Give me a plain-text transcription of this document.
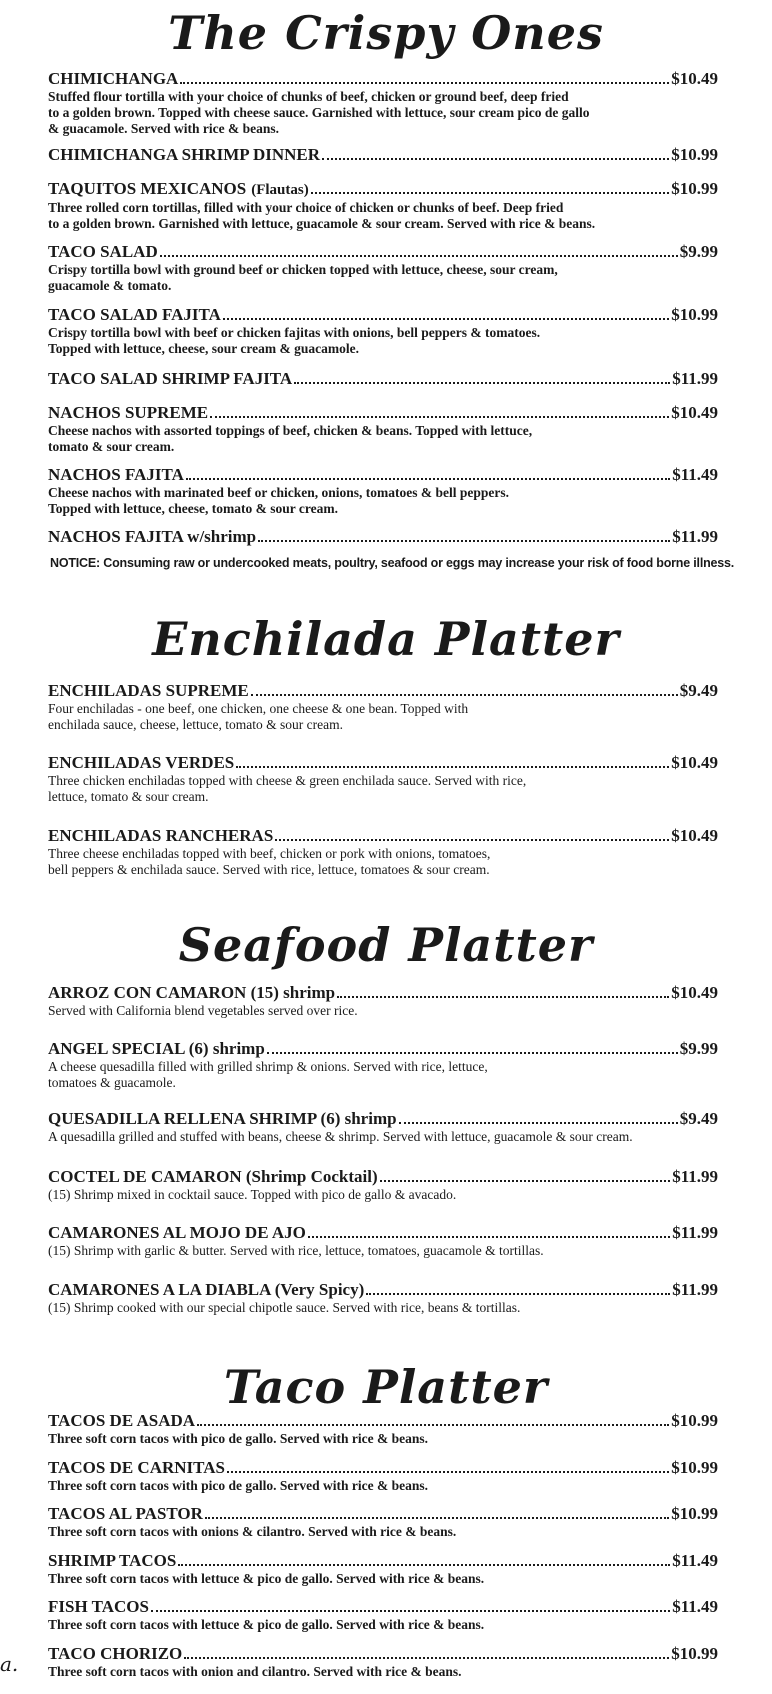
The Crispy Ones
CHIMICHANGA	$10.49
Stuffed flour tortilla with your choice of chunks of beef, chicken or ground beef, deep fried
to a golden brown. Topped with cheese sauce. Garnished with lettuce, sour cream pico de gallo
& guacamole. Served with rice & beans.
CHIMICHANGA SHRIMP DINNER	$10.99
TAQUITOS MEXICANOS (Flautas)	$10.99
Three rolled corn tortillas, filled with your choice of chicken or chunks of beef. Deep fried
to a golden brown. Garnished with lettuce, guacamole & sour cream. Served with rice & beans.
TACO SALAD	$9.99
Crispy tortilla bowl with ground beef or chicken topped with lettuce, cheese, sour cream,
guacamole & tomato.
TACO SALAD FAJITA	$10.99
Crispy tortilla bowl with beef or chicken fajitas with onions, bell peppers & tomatoes.
Topped with lettuce, cheese, sour cream & guacamole.
TACO SALAD SHRIMP FAJITA	$11.99
NACHOS SUPREME	$10.49
Cheese nachos with assorted toppings of beef, chicken & beans. Topped with lettuce,
tomato & sour cream.
NACHOS FAJITA	$11.49
Cheese nachos with marinated beef or chicken, onions, tomatoes & bell peppers.
Topped with lettuce, cheese, tomato & sour cream.
NACHOS FAJITA w/shrimp	$11.99
NOTICE: Consuming raw or undercooked meats, poultry, seafood or eggs may increase your risk of food borne illness.
Enchilada Platter
ENCHILADAS SUPREME	$9.49
Four enchiladas - one beef, one chicken, one cheese & one bean. Topped with
enchilada sauce, cheese, lettuce, tomato & sour cream.
ENCHILADAS VERDES	$10.49
Three chicken enchiladas topped with cheese & green enchilada sauce. Served with rice,
lettuce, tomato & sour cream.
ENCHILADAS RANCHERAS	$10.49
Three cheese enchiladas topped with beef, chicken or pork with onions, tomatoes,
bell peppers & enchilada sauce. Served with rice, lettuce, tomatoes & sour cream.
Seafood Platter
ARROZ CON CAMARON (15) shrimp	$10.49
Served with California blend vegetables served over rice.
ANGEL SPECIAL (6) shrimp	$9.99
A cheese quesadilla filled with grilled shrimp & onions. Served with rice, lettuce,
tomatoes & guacamole.
QUESADILLA RELLENA SHRIMP (6) shrimp	$9.49
A quesadilla grilled and stuffed with beans, cheese & shrimp. Served with lettuce, guacamole & sour cream.
COCTEL DE CAMARON (Shrimp Cocktail)	$11.99
(15) Shrimp mixed in cocktail sauce. Topped with pico de gallo & avacado.
CAMARONES AL MOJO DE AJO	$11.99
(15) Shrimp with garlic & butter. Served with rice, lettuce, tomatoes, guacamole & tortillas.
CAMARONES A LA DIABLA (Very Spicy)	$11.99
(15) Shrimp cooked with our special chipotle sauce. Served with rice, beans & tortillas.
Taco Platter
TACOS DE ASADA	$10.99
Three soft corn tacos with pico de gallo. Served with rice & beans.
TACOS DE CARNITAS	$10.99
Three soft corn tacos with pico de gallo. Served with rice & beans.
TACOS AL PASTOR	$10.99
Three soft corn tacos with onions & cilantro. Served with rice & beans.
SHRIMP TACOS	$11.49
Three soft corn tacos with lettuce & pico de gallo. Served with rice & beans.
FISH TACOS	$11.49
Three soft corn tacos with lettuce & pico de gallo. Served with rice & beans.
TACO CHORIZO	$10.99
Three soft corn tacos with onion and cilantro. Served with rice & beans.
a.
